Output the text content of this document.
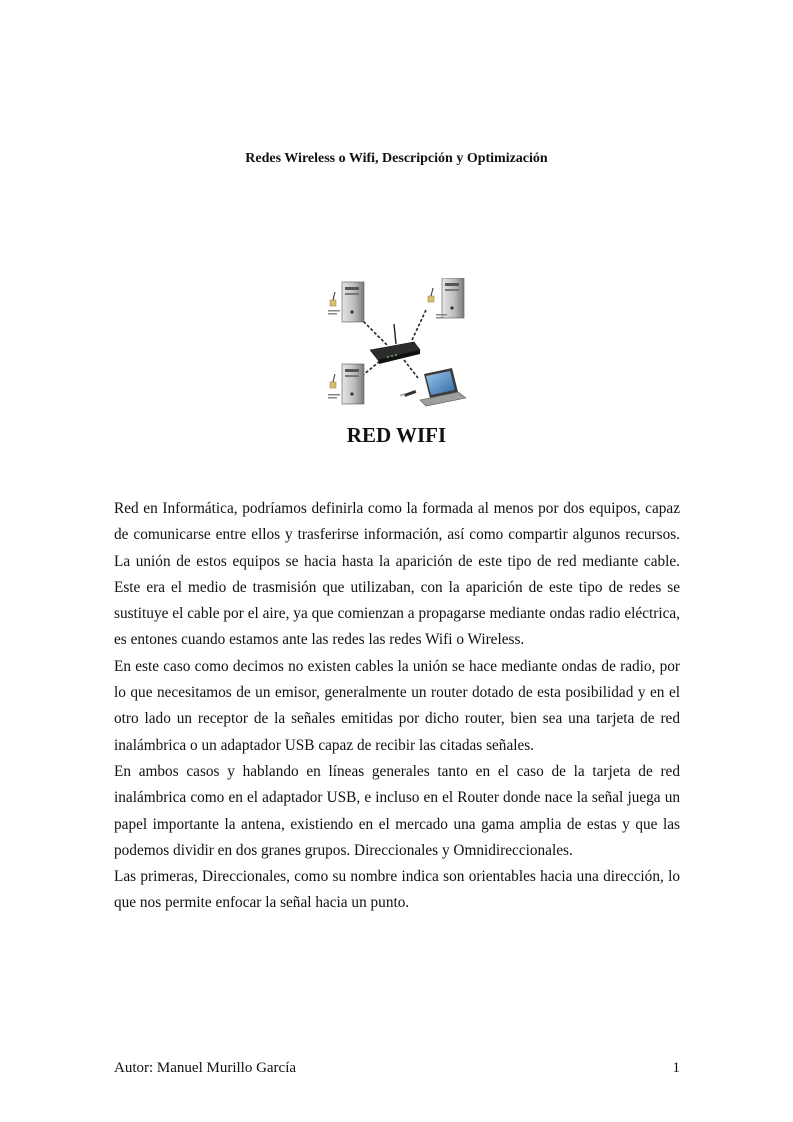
Redes Wireless o Wifi, Descripción y Optimización
RED WIFI

Red en Informática, podríamos definirla como la formada al menos por dos equipos, capaz de comunicarse entre ellos y trasferirse información, así como compartir algunos recursos. La unión de estos equipos se hacia hasta la aparición de este tipo de red mediante cable. Este era el medio de trasmisión que utilizaban, con la aparición de este tipo de redes se sustituye el cable por el aire, ya que comienzan a propagarse mediante ondas radio eléctrica, es entones cuando estamos ante las redes las redes Wifi o Wireless.

En este caso como decimos no existen cables la unión se hace mediante ondas de radio, por lo que necesitamos de un emisor, generalmente un router dotado de esta posibilidad y en el otro lado un receptor de la señales emitidas por dicho router, bien sea una tarjeta de red inalámbrica o un adaptador USB capaz de recibir las citadas señales.

En ambos casos y hablando en líneas generales tanto en el caso de la tarjeta de red inalámbrica como en el adaptador USB, e incluso en el Router donde nace la señal juega un papel importante la antena, existiendo en el mercado una gama amplia de estas y que las podemos dividir en dos granes grupos. Direccionales y Omnidireccionales.

Las primeras, Direccionales, como su nombre indica son orientables hacia una dirección, lo que nos permite enfocar la señal hacia un punto.

Autor: Manuel Murillo García	1
